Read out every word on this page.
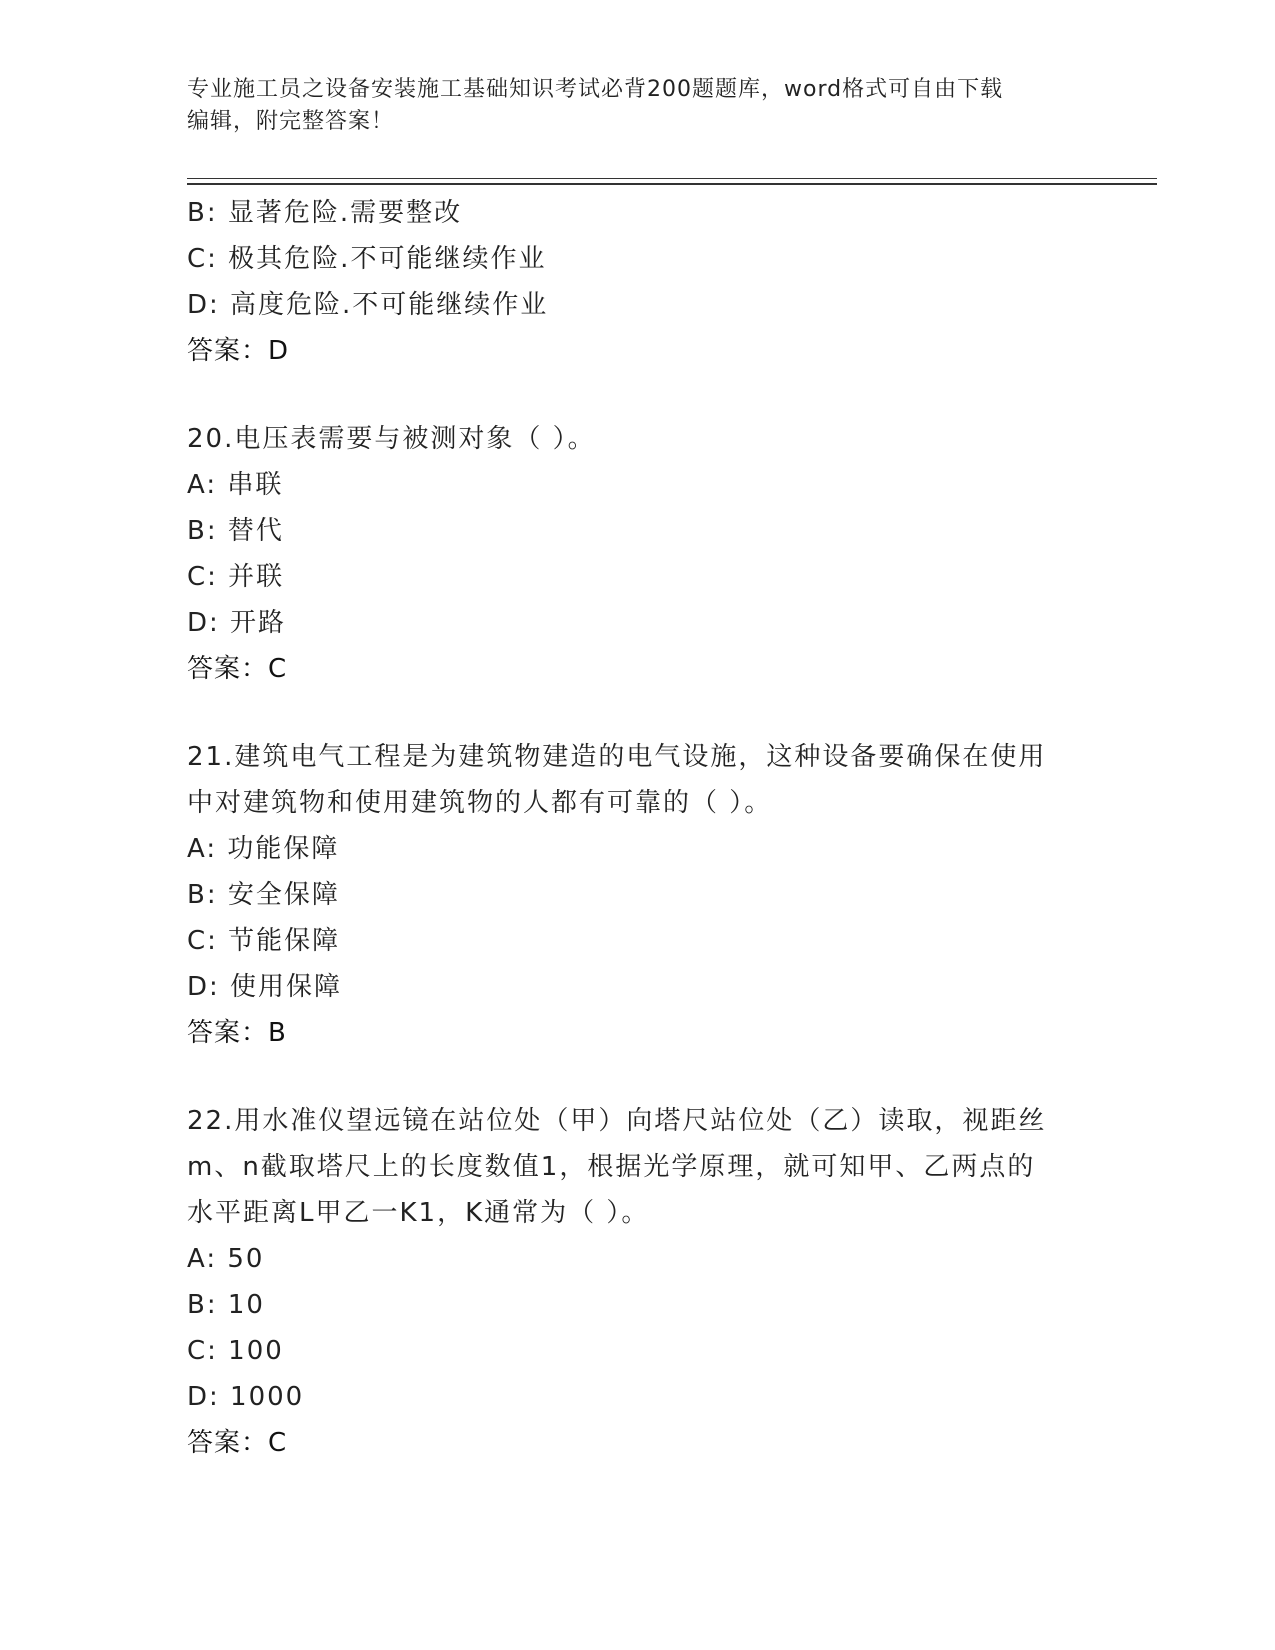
专业施工员之设备安装施工基础知识考试必背200题题库，word格式可自由下载
编辑，附完整答案！
B: 显著危险.需要整改
C: 极其危险.不可能继续作业
D: 高度危险.不可能继续作业
答案：D
20.电压表需要与被测对象（ ）。
A: 串联
B: 替代
C: 并联
D: 开路
答案：C
21.建筑电气工程是为建筑物建造的电气设施，这种设备要确保在使用
中对建筑物和使用建筑物的人都有可靠的（ ）。
A: 功能保障
B: 安全保障
C: 节能保障
D: 使用保障
答案：B
22.用水准仪望远镜在站位处（甲）向塔尺站位处（乙）读取，视距丝
m、n截取塔尺上的长度数值1，根据光学原理，就可知甲、乙两点的
水平距离L甲乙一K1，K通常为（ ）。
A: 50
B: 10
C: 100
D: 1000
答案：C
